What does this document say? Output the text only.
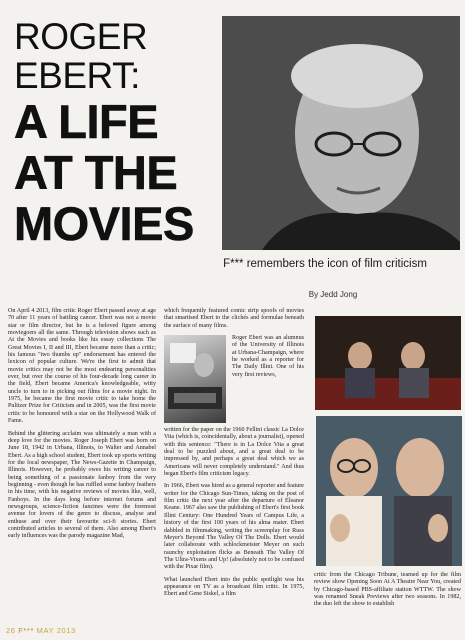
ROGER
EBERT:
A LIFE
AT THE
MOVIES
F*** remembers the icon of film criticism
By Jedd Jong

On April 4 2013, film critic Roger Ebert passed away at age 70 after 11 years of battling cancer. Ebert was not a movie star or film director, but he is a beloved figure among moviegoers all the same. Through television shows such as At the Movies and books like his essay collections The Great Movies I, II and III, Ebert became more than a critic; his famous "two thumbs up" endorsement has entered the lexicon of popular culture. We're the first to admit that movie critics may not be the most endearing personalities ever, but over the course of his four-decade long career in the field, Ebert became America's knowledgeable, witty uncle to turn to in picking out films for a movie night. In 1975, he became the first movie critic to take home the Pulitzer Prize for Criticism and in 2005, was the first movie critic to be honoured with a star on the Hollywood Walk of Fame.

Behind the glittering acclaim was ultimately a man with a deep love for the movies. Roger Joseph Ebert was born on June 18, 1942 in Urbana, Illinois, to Walter and Annabel Ebert. As a high school student, Ebert took up sports writing for the local newspaper, The News-Gazette in Champaign, Illinois. However, he probably owes his writing career to being something of a passionate fanboy from the very beginning - even though he has ruffled some fanboy feathers in his time, with his negative reviews of movies like, well, Fanboys. In the days long before internet forums and newsgroups, science-fiction fanzines were the foremost avenue for lovers of the genre to discuss, analyse and enthuse and over their favourite sci-fi stories. Ebert contributed articles to several of them. Also among Ebert's early influences was the parody magazine Mad,

which frequently featured comic strip spoofs of movies that smartised Ebert to the clichés and formulae beneath the surface of many films.

Roger Ebert was an alumnus of the University of Illinois at Urbana-Champaign, where he worked as a reporter for The Daily Illini. One of his very first reviews,

written for the paper on the 1960 Fellini classic La Dolce Vita (which is, coincidentally, about a journalist), opened with this sentence: "There is in La Dolce Vita a great deal to be puzzled about, and a great deal to be impressed by, and perhaps a great deal which we as Americans will never completely understand." And thus began Ebert's film criticism legacy.

In 1966, Ebert was hired as a general reporter and feature writer for the Chicago Sun-Times, taking on the post of film critic the next year after the departure of Eleanor Keane. 1967 also saw the publishing of Ebert's first book Illini Century: One Hundred Years of Campus Life, a history of the first 100 years of his alma mater. Ebert dabbled in filmmaking, writing the screenplay for Russ Meyer's Beyond The Valley Of The Dolls. Ebert would later collaborate with schlockmeister Meyer on such raunchy exploitation flicks as Beneath The Valley Of The Ultra-Vixens and Up! (absolutely not to be confused with the Pixar film).

What launched Ebert into the public spotlight was his appearance on TV as a broadcast film critic. In 1975, Ebert and Gene Siskel, a film

critic from the Chicago Tribune, teamed up for the film review show Opening Soon At A Theatre Near You, created by Chicago-based PBS-affiliate station WTTW. The show was renamed Sneak Previews after two seasons. In 1982, the duo left the show to establish

26 F*** MAY 2013
